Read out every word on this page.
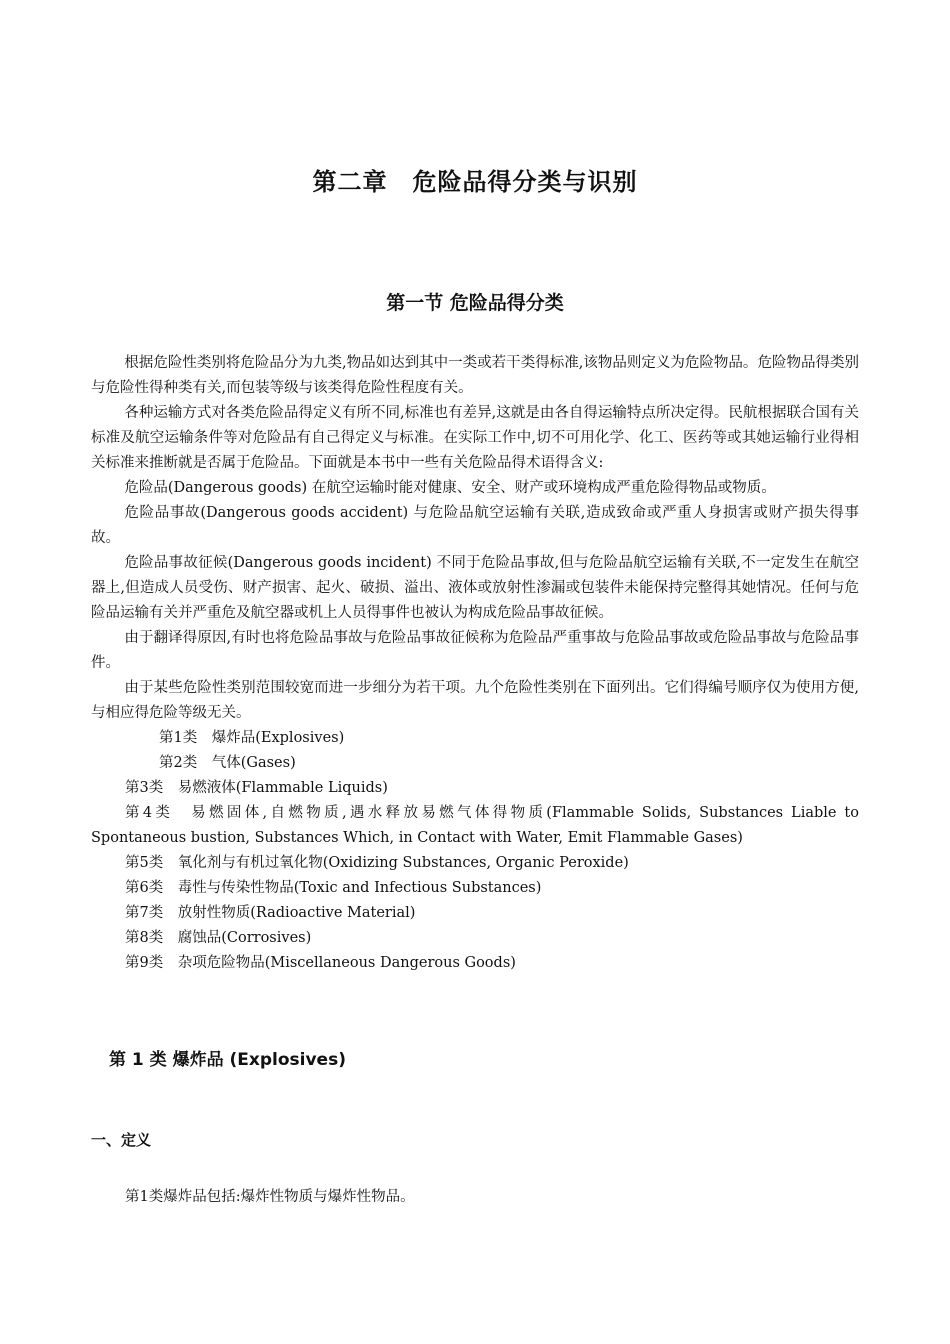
第二章　危险品得分类与识别
第一节 危险品得分类

根据危险性类别将危险品分为九类,物品如达到其中一类或若干类得标准,该物品则定义为危险物品。危险物品得类别与危险性得种类有关,而包装等级与该类得危险性程度有关。

各种运输方式对各类危险品得定义有所不同,标准也有差异,这就是由各自得运输特点所决定得。民航根据联合国有关标准及航空运输条件等对危险品有自己得定义与标准。在实际工作中,切不可用化学、化工、医药等或其她运输行业得相关标准来推断就是否属于危险品。下面就是本书中一些有关危险品得术语得含义:

危险品(Dangerous goods) 在航空运输时能对健康、安全、财产或环境构成严重危险得物品或物质。

危险品事故(Dangerous goods accident) 与危险品航空运输有关联,造成致命或严重人身损害或财产损失得事故。

危险品事故征候(Dangerous goods incident) 不同于危险品事故,但与危险品航空运输有关联,不一定发生在航空器上,但造成人员受伤、财产损害、起火、破损、溢出、液体或放射性渗漏或包装件未能保持完整得其她情况。任何与危险品运输有关并严重危及航空器或机上人员得事件也被认为构成危险品事故征候。

由于翻译得原因,有时也将危险品事故与危险品事故征候称为危险品严重事故与危险品事故或危险品事故与危险品事件。

由于某些危险性类别范围较宽而进一步细分为若干项。九个危险性类别在下面列出。它们得编号顺序仅为使用方便,与相应得危险等级无关。

第1类　爆炸品(Explosives)

第2类　气体(Gases)

第3类　易燃液体(Flammable Liquids)

第4类　易燃固体,自燃物质,遇水释放易燃气体得物质(Flammable Solids, Substances Liable to Spontaneous bustion, Substances Which, in Contact with Water, Emit Flammable Gases)

第5类　氧化剂与有机过氧化物(Oxidizing Substances, Organic Peroxide)

第6类　毒性与传染性物品(Toxic and Infectious Substances)

第7类　放射性物质(Radioactive Material)

第8类　腐蚀品(Corrosives)

第9类　杂项危险物品(Miscellaneous Dangerous Goods)

第 1 类 爆炸品 (Explosives)
一、定义

第1类爆炸品包括:爆炸性物质与爆炸性物品。
